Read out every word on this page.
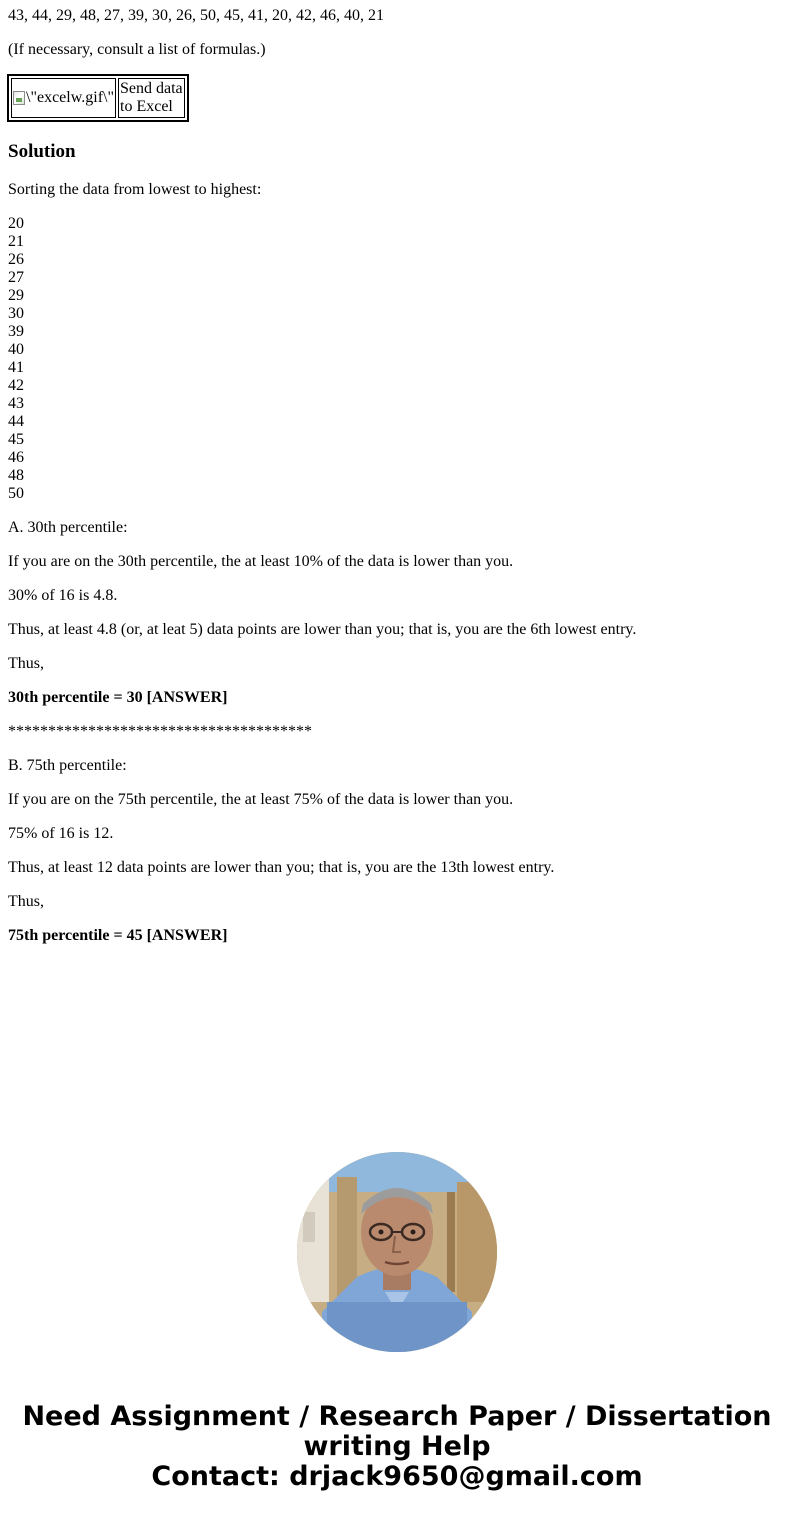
43, 44, 29, 48, 27, 39, 30, 26, 50, 45, 41, 20, 42, 46, 40, 21

(If necessary, consult a list of formulas.)

\"excelw.gif\"

Send data
to Excel
Solution

Sorting the data from lowest to highest:

20
21
26
27
29
30
39
40
41
42
43
44
45
46
48
50

A. 30th percentile:

If you are on the 30th percentile, the at least 10% of the data is lower than you.

30% of 16 is 4.8.

Thus, at least 4.8 (or, at leat 5) data points are lower than you; that is, you are the 6th lowest entry.

Thus,

30th percentile = 30 [ANSWER]

**************************************

B. 75th percentile:

If you are on the 75th percentile, the at least 75% of the data is lower than you.

75% of 16 is 12.

Thus, at least 12 data points are lower than you; that is, you are the 13th lowest entry.

Thus,

75th percentile = 45 [ANSWER]

Need Assignment / Research Paper / Dissertation
writing Help
Contact: drjack9650@gmail.com
